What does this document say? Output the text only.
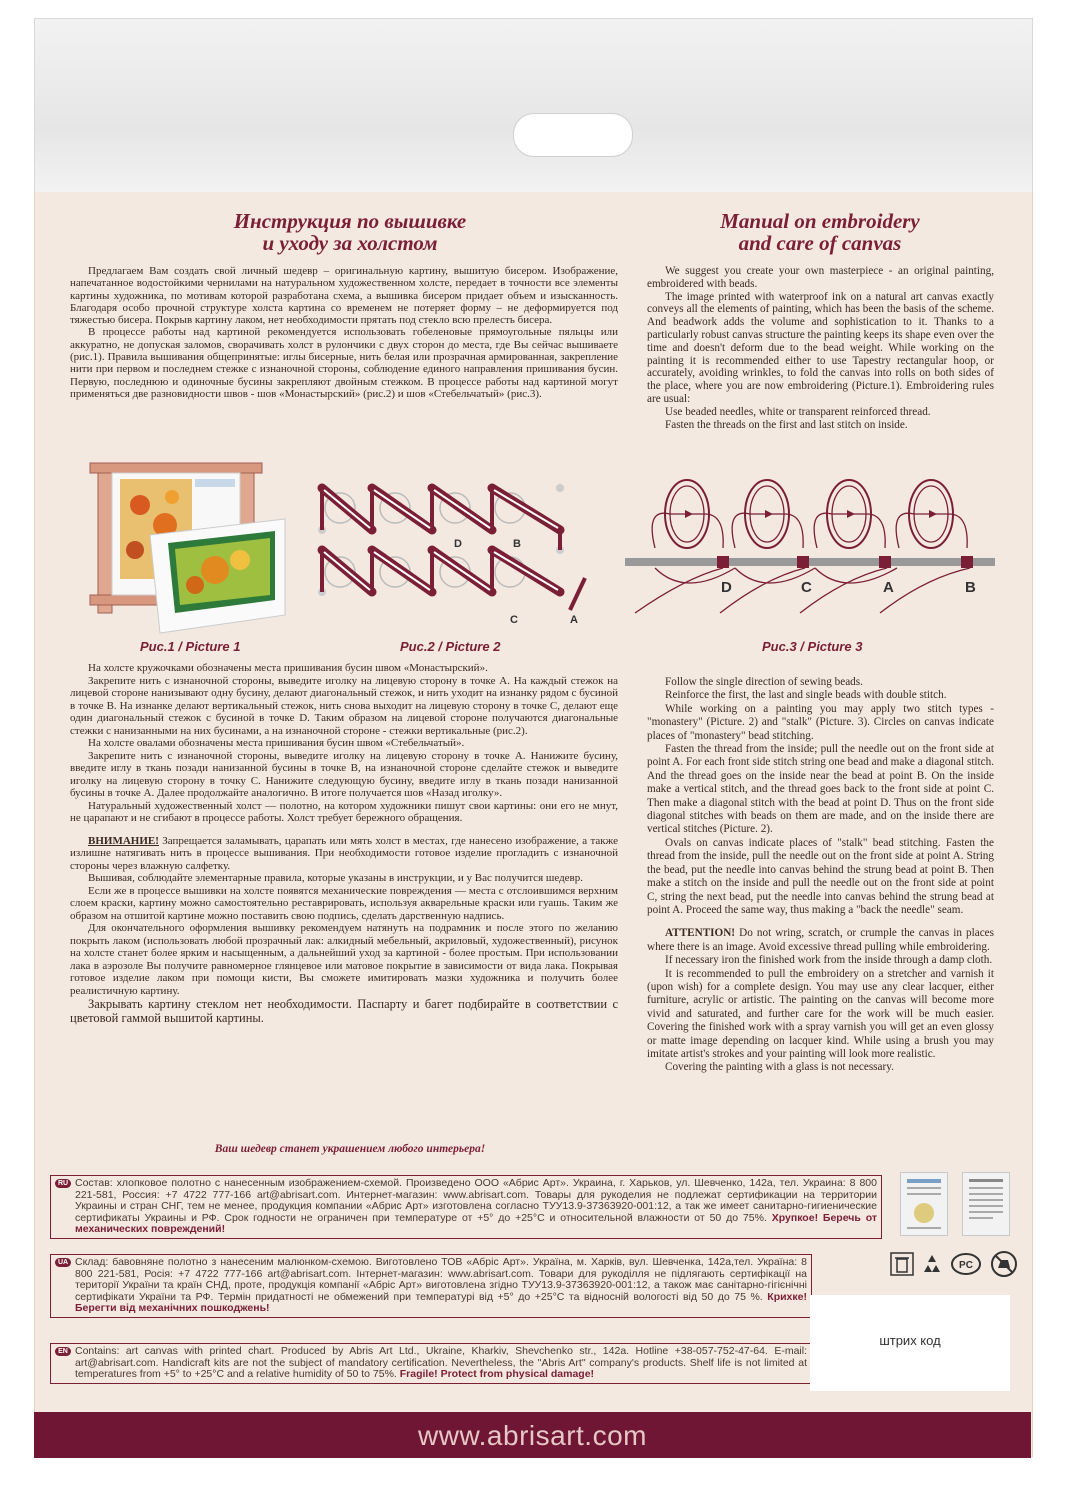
Инструкция по вышивке
и уходу за холстом
Manual on embroidery
and care of canvas

Предлагаем Вам создать свой личный шедевр – оригинальную картину, вышитую бисером. Изображение, напечатанное водостойкими чернилами на натуральном художественном холсте, передает в точности все элементы картины художника, по мотивам которой разработана схема, а вышивка бисером придает объем и изысканность. Благодаря особо прочной структуре холста картина со временем не потеряет форму – не деформируется под тяжестью бисера. Покрыв картину лаком, нет необходимости прятать под стекло всю прелесть бисера.

В процессе работы над картиной рекомендуется использовать гобеленовые прямоугольные пяльцы или аккуратно, не допуская заломов, сворачивать холст в рулончики с двух сторон до места, где Вы сейчас вышиваете (рис.1). Правила вышивания общепринятые: иглы бисерные, нить белая или прозрачная армированная, закрепление нити при первом и последнем стежке с изнаночной стороны, соблюдение единого направления пришивания бусин. Первую, последнюю и одиночные бусины закрепляют двойным стежком. В процессе работы над картиной могут применяться две разновидности швов - шов «Монастырский» (рис.2) и шов «Стебельчатый» (рис.3).

We suggest you create your own masterpiece - an original painting, embroidered with beads.

The image printed with waterproof ink on a natural art canvas exactly conveys all the elements of painting, which has been the basis of the scheme. And beadwork adds the volume and sophistication to it. Thanks to a particularly robust canvas structure the painting keeps its shape even over the time and doesn't deform due to the bead weight. While working on the painting it is recommended either to use Tapestry rectangular hoop, or accurately, avoiding wrinkles, to fold the canvas into rolls on both sides of the place, where you are now embroidering (Picture.1). Embroidering rules are usual:

Use beaded needles, white or transparent reinforced thread.

Fasten the threads on the first and last stitch on inside.

D	B
C	A
D	C	A	B
Рис.1 / Picture 1	Рис.2 / Picture 2	Рис.3 / Picture 3

На холсте кружочками обозначены места пришивания бусин швом «Монастырский».

Закрепите нить с изнаночной стороны, выведите иголку на лицевую сторону в точке А. На каждый стежок на лицевой стороне нанизывают одну бусину, делают диагональный стежок, и нить уходит на изнанку рядом с бусиной в точке В. На изнанке делают вертикальный стежок, нить снова выходит на лицевую сторону в точке С, делают еще один диагональный стежок с бусиной в точке D. Таким образом на лицевой стороне получаются диагональные стежки с нанизанными на них бусинами, а на изнаночной стороне - стежки вертикальные (рис.2).

На холсте овалами обозначены места пришивания бусин швом «Стебельчатый».

Закрепите нить с изнаночной стороны, выведите иголку на лицевую сторону в точке А. Нанижите бусину, введите иглу в ткань позади нанизанной бусины в точке В, на изнаночной стороне сделайте стежок и выведите иголку на лицевую сторону в точку С. Нанижите следующую бусину, введите иглу в ткань позади нанизанной бусины в точке А. Далее продолжайте аналогично. В итоге получается шов «Назад иголку».

Натуральный художественный холст — полотно, на котором художники пишут свои картины: они его не мнут, не царапают и не сгибают в процессе работы. Холст требует бережного обращения.

ВНИМАНИЕ! Запрещается заламывать, царапать или мять холст в местах, где нанесено изображение, а также излишне натягивать нить в процессе вышивания. При необходимости готовое изделие прогладить с изнаночной стороны через влажную салфетку.

Вышивая, соблюдайте элементарные правила, которые указаны в инструкции, и у Вас получится шедевр.

Если же в процессе вышивки на холсте появятся механические повреждения — места с отслоившимся верхним слоем краски, картину можно самостоятельно реставрировать, используя акварельные краски или гуашь. Таким же образом на отшитой картине можно поставить свою подпись, сделать дарственную надпись.

Для окончательного оформления вышивку рекомендуем натянуть на подрамник и после этого по желанию покрыть лаком (использовать любой прозрачный лак: алкидный мебельный, акриловый, художественный), рисунок на холсте станет более ярким и насыщенным, а дальнейший уход за картиной - более простым. При использовании лака в аэрозоле Вы получите равномерное глянцевое или матовое покрытие в зависимости от вида лака. Покрывая готовое изделие лаком при помощи кисти, Вы сможете имитировать мазки художника и получить более реалистичную картину.

Закрывать картину стеклом нет необходимости. Паспарту и багет подбирайте в соответствии с цветовой гаммой вышитой картины.

Ваш шедевр станет украшением любого интерьера!

Follow the single direction of sewing beads.

Reinforce the first, the last and single beads with double stitch.

While working on a painting you may apply two stitch types - "monastery" (Picture. 2) and "stalk" (Picture. 3). Circles on canvas indicate places of "monastery" bead stitching.

Fasten the thread from the inside; pull the needle out on the front side at point A. For each front side stitch string one bead and make a diagonal stitch. And the thread goes on the inside near the bead at point B. On the inside make a vertical stitch, and the thread goes back to the front side at point C. Then make a diagonal stitch with the bead at point D. Thus on the front side diagonal stitches with beads on them are made, and on the inside there are vertical stitches (Picture. 2).

Ovals on canvas indicate places of "stalk" bead stitching. Fasten the thread from the inside, pull the needle out on the front side at point A. String the bead, put the needle into canvas behind the strung bead at point B. Then make a stitch on the inside and pull the needle out on the front side at point C, string the next bead, put the needle into canvas behind the strung bead at point A. Proceed the same way, thus making a "back the needle" seam.

ATTENTION! Do not wring, scratch, or crumple the canvas in places where there is an image. Avoid excessive thread pulling while embroidering.

If necessary iron the finished work from the inside through a damp cloth.

It is recommended to pull the embroidery on a stretcher and varnish it (upon wish) for a complete design. You may use any clear lacquer, either furniture, acrylic or artistic. The painting on the canvas will become more vivid and saturated, and further care for the work will be much easier. Covering the finished work with a spray varnish you will get an even glossy or matte image depending on lacquer kind. While using a brush you may imitate artist's strokes and your painting will look more realistic.

Covering the painting with a glass is not necessary.

RU Состав: хлопковое полотно с нанесенным изображением-схемой. Произведено ООО «Абрис Арт». Украина, г. Харьков, ул. Шевченко, 142а, тел. Украина: 8 800 221-581, Россия: +7 4722 777-166 art@abrisart.com. Интернет-магазин: www.abrisart.com. Товары для рукоделия не подлежат сертификации на территории Украины и стран СНГ, тем не менее, продукция компании «Абрис Арт» изготовлена согласно ТУУ13.9-37363920-001:12, а так же имеет санитарно-гигиенические сертификаты Украины и РФ. Срок годности не ограничен при температуре от +5° до +25°С и относительной влажности от 50 до 75%. Хрупкое! Беречь от механических повреждений!
UA Склад: бавовняне полотно з нанесеним малюнком-схемою. Виготовлено ТОВ «Абріс Арт». Україна, м. Харків, вул. Шевченка, 142а,тел. Україна: 8 800 221-581, Росія: +7 4722 777-166 art@abrisart.com. Інтернет-магазин: www.abrisart.com. Товари для рукоділля не підлягають сертифікації на території України та країн СНД, проте, продукція компанії «Абріс Арт» виготовлена згідно ТУУ13.9-37363920-001:12, а також має санітарно-гігієнічні сертифікати України та РФ. Термін придатності не обмежений при температурі від +5° до +25°С та відносній вологості від 50 до 75 %. Крихке! Берегти від механічних пошкоджень!
EN Contains: art canvas with printed chart. Produced by Abris Art Ltd., Ukraine, Kharkiv, Shevchenko str., 142a. Hotline +38-057-752-47-64. E-mail: art@abrisart.com. Handicraft kits are not the subject of mandatory certification. Nevertheless, the "Abris Art" company's products. Shelf life is not limited at temperatures from +5° to +25°C and a relative humidity of 50 to 75%. Fragile! Protect from physical damage!
PC
штрих код
www.abrisart.com
